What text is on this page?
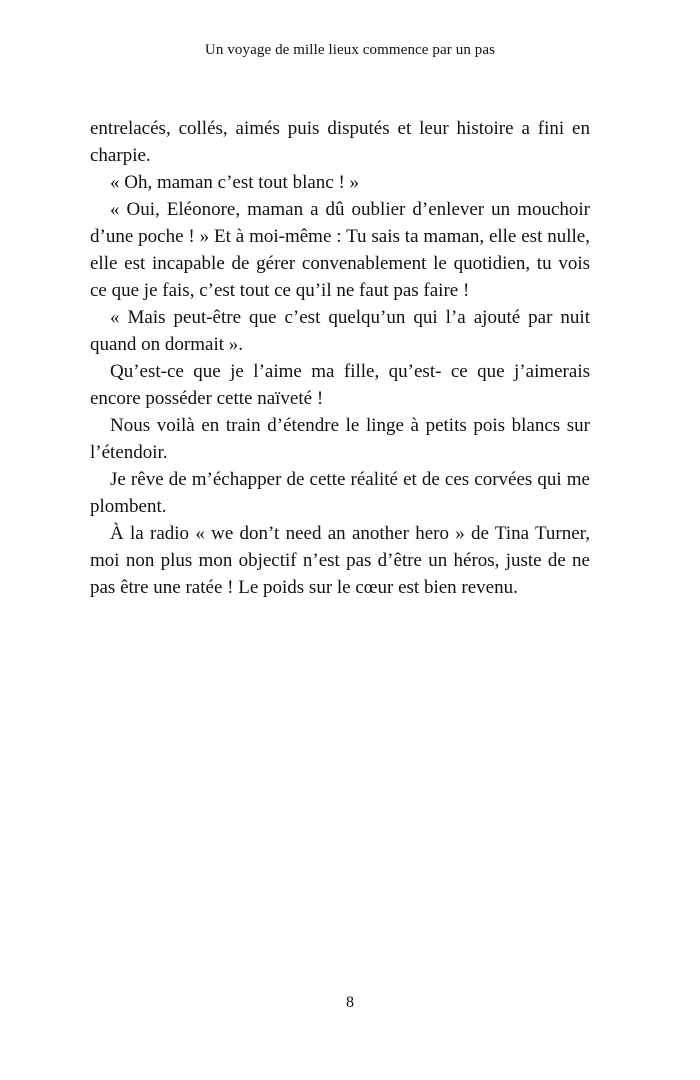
Un voyage de mille lieux commence par un pas

entrelacés, collés, aimés puis disputés et leur histoire a fini en charpie.

« Oh, maman c’est tout blanc ! »

« Oui, Eléonore, maman a dû oublier d’enlever un mouchoir d’une poche ! » Et à moi-même : Tu sais ta maman, elle est nulle, elle est incapable de gérer convenablement le quotidien, tu vois ce que je fais, c’est tout ce qu’il ne faut pas faire !

« Mais peut-être que c’est quelqu’un qui l’a ajouté par nuit quand on dormait ».

Qu’est-ce que je l’aime ma fille, qu’est- ce que j’aimerais encore posséder cette naïveté !

Nous voilà en train d’étendre le linge à petits pois blancs sur l’étendoir.

Je rêve de m’échapper de cette réalité et de ces corvées qui me plombent.

À la radio « we don’t need an another hero » de Tina Turner, moi non plus mon objectif n’est pas d’être un héros, juste de ne pas être une ratée ! Le poids sur le cœur est bien revenu.

8
